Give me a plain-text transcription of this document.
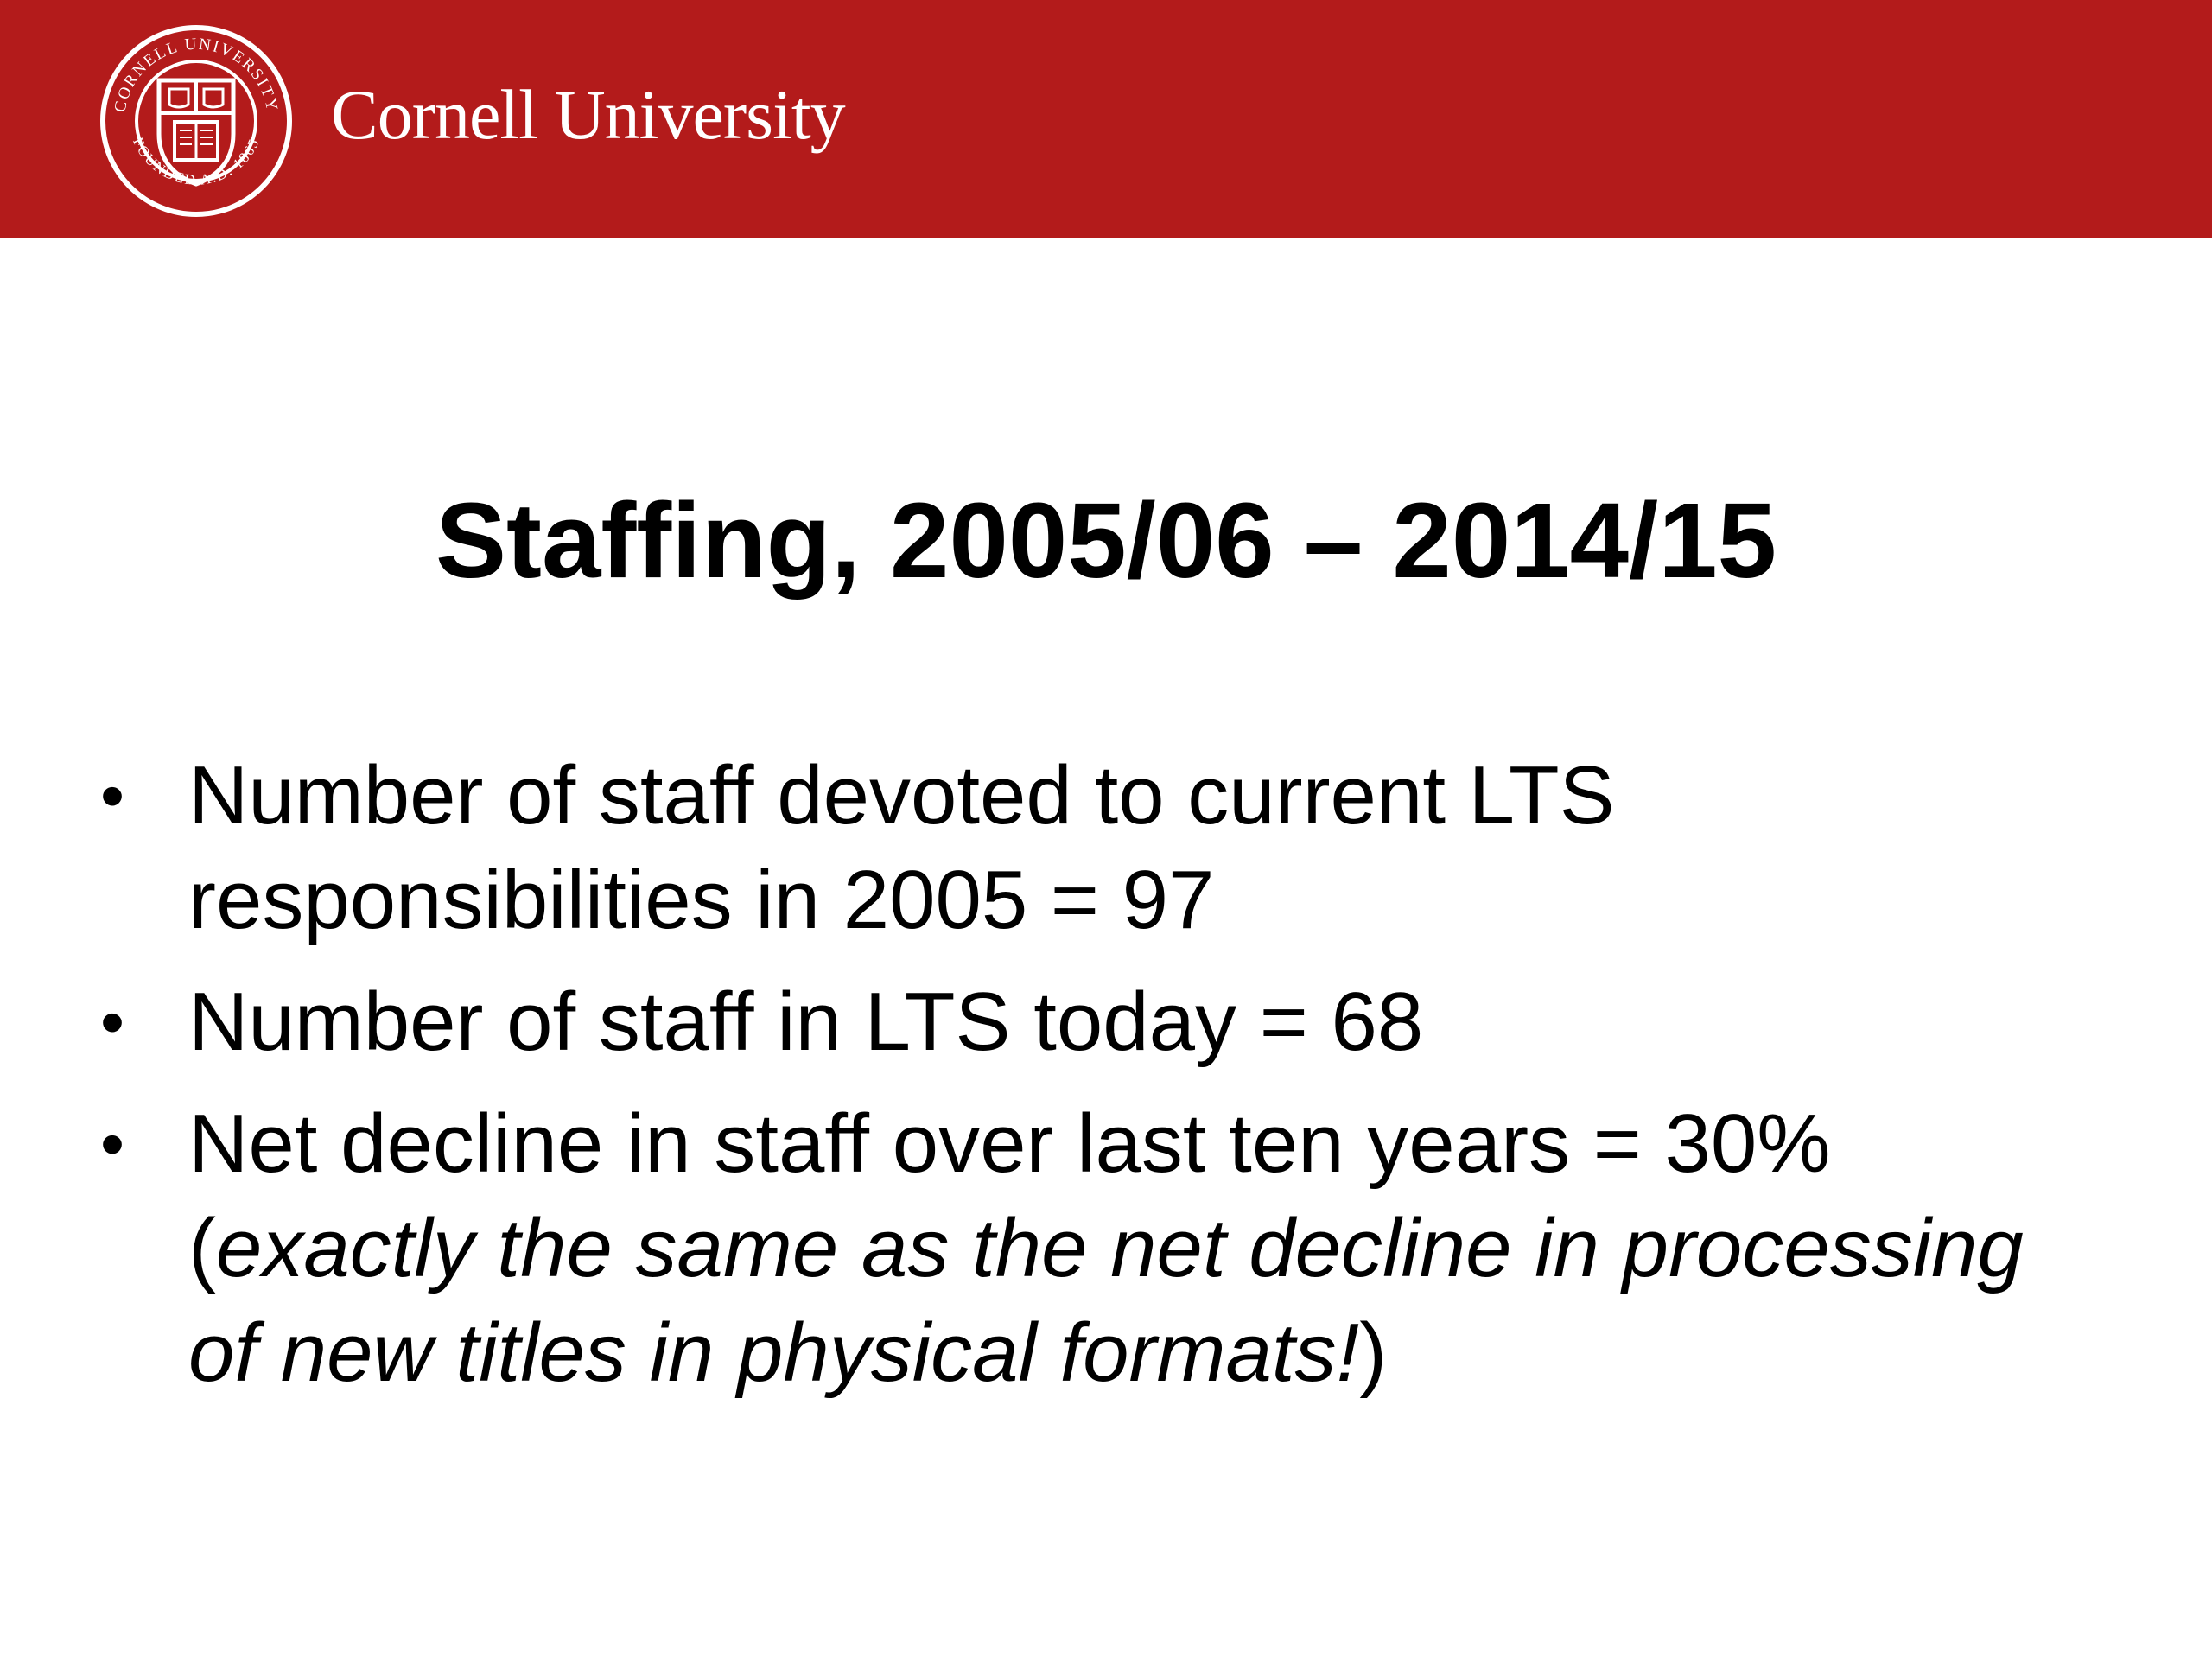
CORNELL UNIVERSITY
FOUNDED A.D. 1865 Cornell University
Staffing, 2005/06 – 2014/15
• Number of staff devoted to current LTS
responsibilities in 2005 = 97
• Number of staff in LTS today = 68
• Net decline in staff over last ten years = 30%
(exactly the same as the net decline in processing
of new titles in physical formats!)
